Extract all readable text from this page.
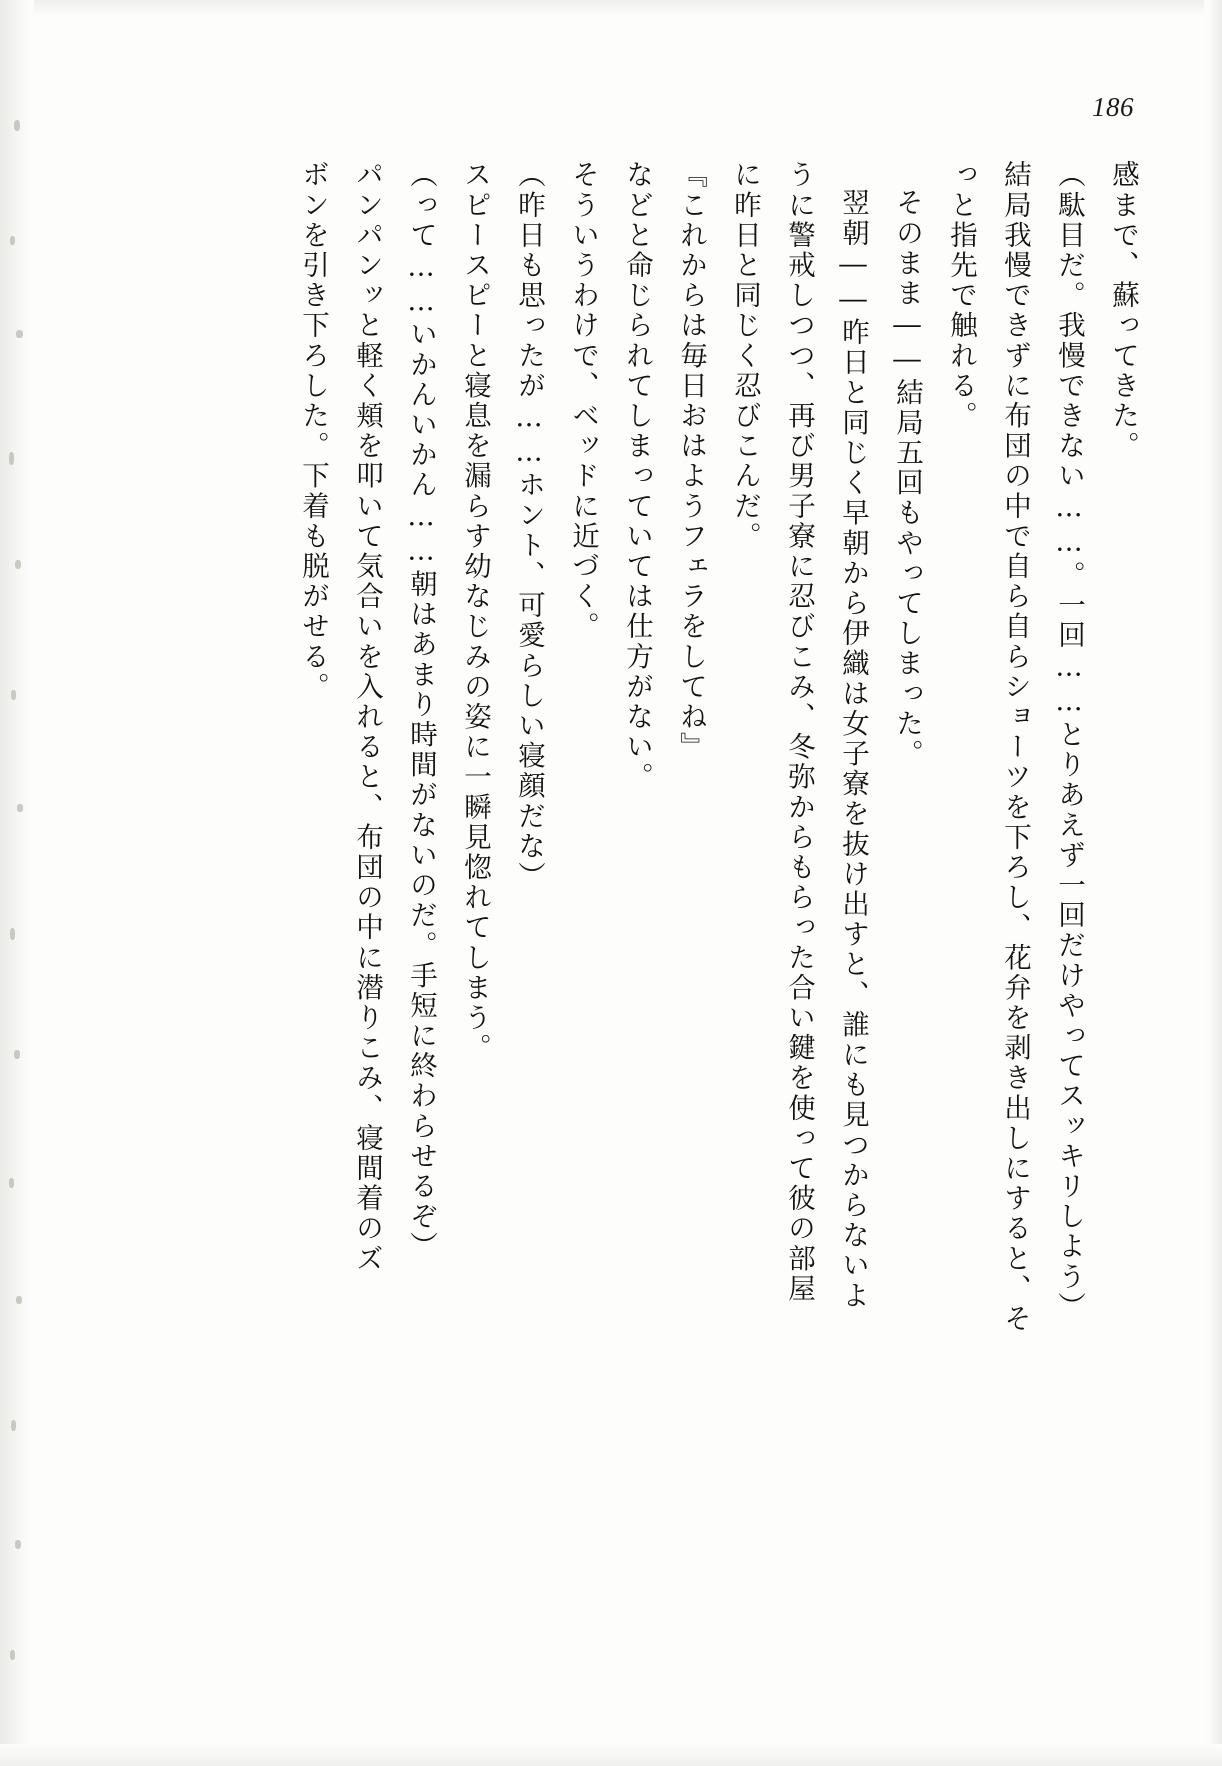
186
感まで、蘇ってきた。
（駄目だ。我慢できない……。一回……とりあえず一回だけやってスッキリしよう）
結局我慢できずに布団の中で自ら自らショーツを下ろし、花弁を剥き出しにすると、そ
っと指先で触れる。
そのまま――結局五回もやってしまった。
翌朝――昨日と同じく早朝から伊織は女子寮を抜け出すと、誰にも見つからないよ
うに警戒しつつ、再び男子寮に忍びこみ、冬弥からもらった合い鍵を使って彼の部屋
に昨日と同じく忍びこんだ。
『これからは毎日おはようフェラをしてね』
などと命じられてしまっていては仕方がない。
そういうわけで、ベッドに近づく。
（昨日も思ったが……ホント、可愛らしい寝顔だな）
スピースピーと寝息を漏らす幼なじみの姿に一瞬見惚れてしまう。
（って……いかんいかん……朝はあまり時間がないのだ。手短に終わらせるぞ）
パンパンッと軽く頬を叩いて気合いを入れると、布団の中に潜りこみ、寝間着のズ
ボンを引き下ろした。下着も脱がせる。
